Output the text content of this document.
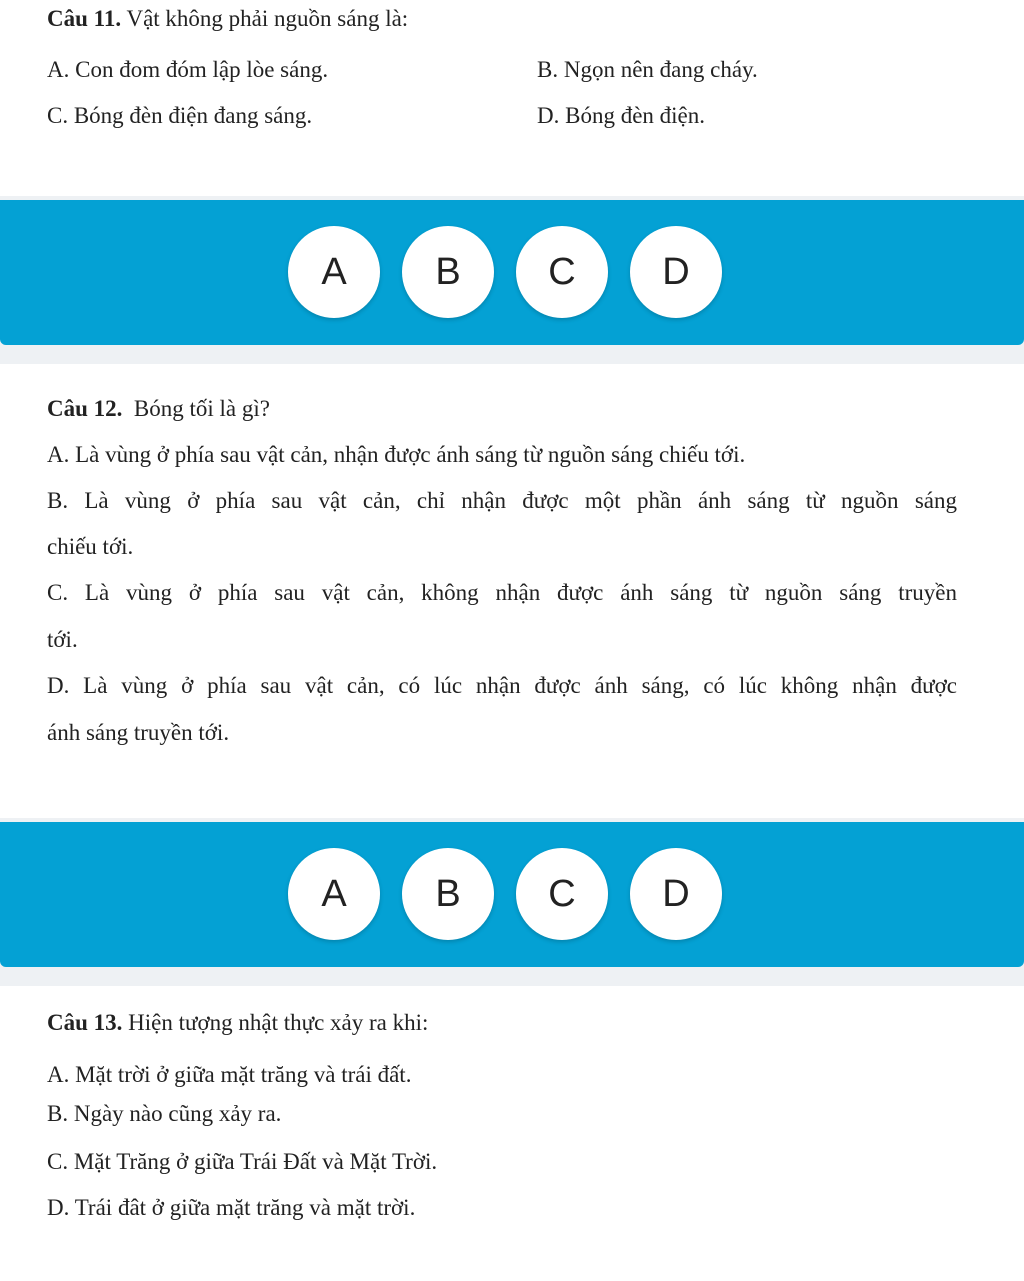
Câu 11. Vật không phải nguồn sáng là:
A. Con đom đóm lập lòe sáng.	B. Ngọn nên đang cháy.
C. Bóng đèn điện đang sáng.	D. Bóng đèn điện.
A	B	C	D
Câu 12.  Bóng tối là gì?
A. Là vùng ở phía sau vật cản, nhận được ánh sáng từ nguồn sáng chiếu tới.
B. Là vùng ở phía sau vật cản, chỉ nhận được một phần ánh sáng từ nguồn sáng
chiếu tới.
C. Là vùng ở phía sau vật cản, không nhận được ánh sáng từ nguồn sáng truyền
tới.
D. Là vùng ở phía sau vật cản, có lúc nhận được ánh sáng, có lúc không nhận được
ánh sáng truyền tới.
A	B	C	D
Câu 13. Hiện tượng nhật thực xảy ra khi:
A. Mặt trời ở giữa mặt trăng và trái đất.
B. Ngày nào cũng xảy ra.
C. Mặt Trăng ở giữa Trái Đất và Mặt Trời.
D. Trái đât ở giữa mặt trăng và mặt trời.
